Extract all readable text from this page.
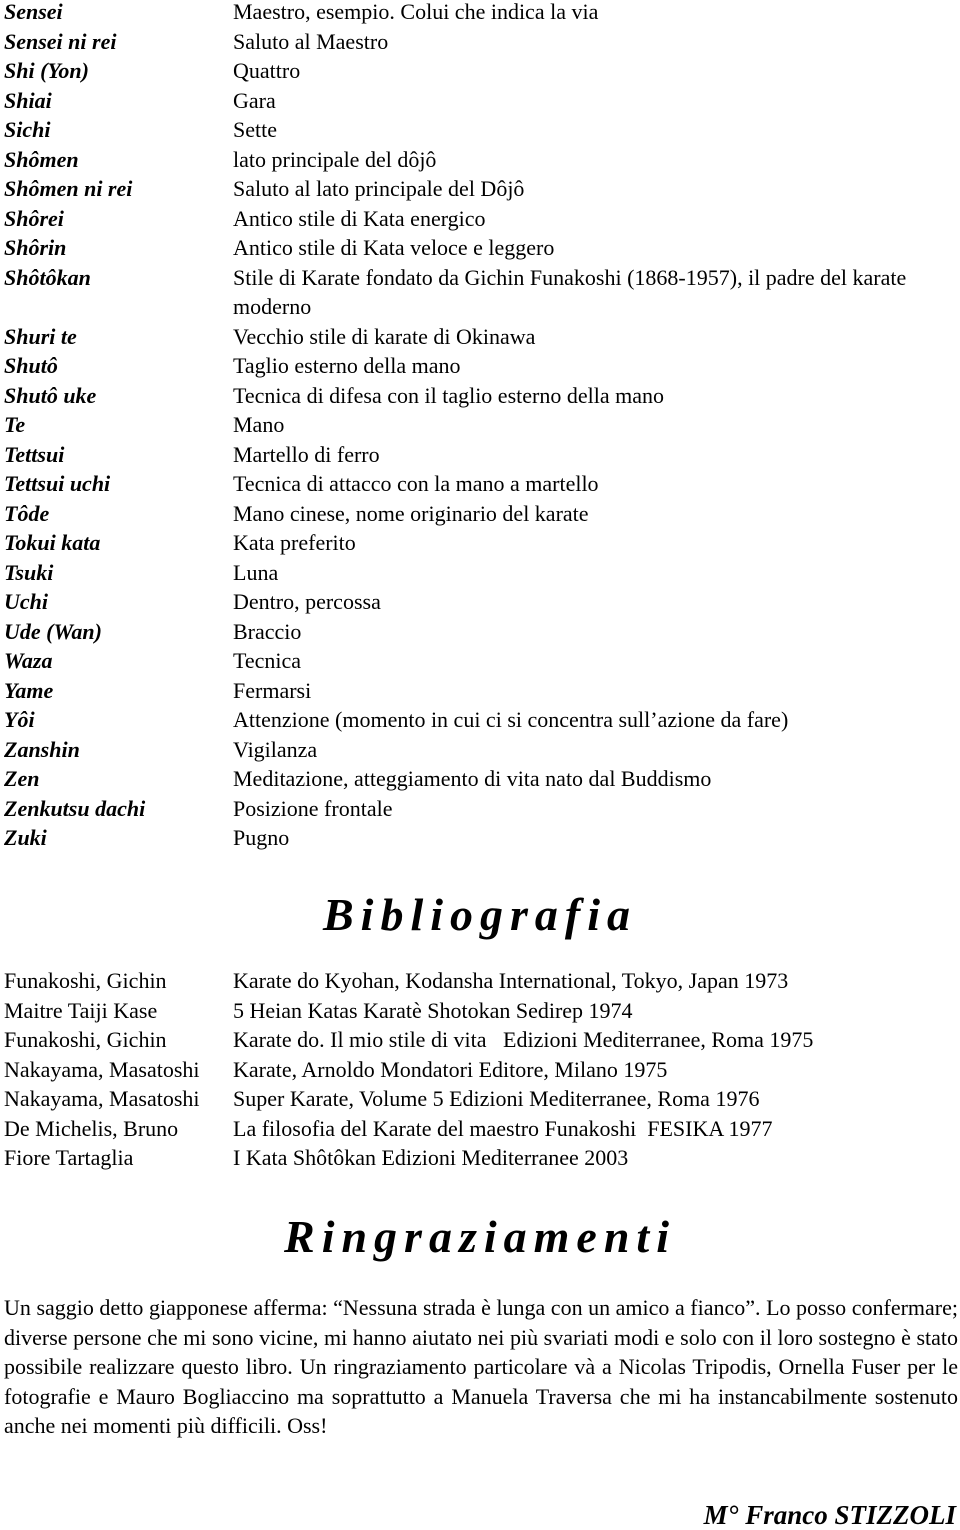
Sensei	Maestro, esempio. Colui che indica la via
Sensei ni rei	Saluto al Maestro
Shi (Yon)	Quattro
Shiai	Gara
Sichi	Sette
Shômen	lato principale del dôjô
Shômen ni rei	Saluto al lato principale del Dôjô
Shôrei	Antico stile di Kata energico
Shôrin	Antico stile di Kata veloce e leggero
Shôtôkan	Stile di Karate fondato da Gichin Funakoshi (1868-1957), il padre del karate  moderno
Shuri te	Vecchio stile di karate di Okinawa
Shutô	Taglio esterno della mano
Shutô uke	Tecnica di difesa con il taglio esterno della mano
Te	Mano
Tettsui	Martello di ferro
Tettsui uchi	Tecnica di attacco con la mano a martello
Tôde	Mano cinese, nome originario del karate
Tokui kata	Kata preferito
Tsuki	Luna
Uchi	Dentro, percossa
Ude (Wan)	Braccio
Waza	Tecnica
Yame	Fermarsi
Yôi	Attenzione (momento in cui ci si concentra sull’azione da fare)
Zanshin	Vigilanza
Zen	Meditazione, atteggiamento di vita nato dal Buddismo
Zenkutsu dachi	Posizione frontale
Zuki	Pugno
Bibliografia
Funakoshi, Gichin	Karate do Kyohan, Kodansha International, Tokyo, Japan 1973
Maitre Taiji Kase	5 Heian Katas Karatè Shotokan Sedirep 1974
Funakoshi, Gichin	Karate do. Il mio stile di vita   Edizioni Mediterranee, Roma 1975
Nakayama, Masatoshi	Karate, Arnoldo Mondatori Editore, Milano 1975
Nakayama, Masatoshi	Super Karate, Volume 5 Edizioni Mediterranee, Roma 1976
De Michelis, Bruno	La filosofia del Karate del maestro Funakoshi  FESIKA 1977
Fiore Tartaglia	I Kata Shôtôkan Edizioni Mediterranee 2003
Ringraziamenti
Un saggio detto giapponese afferma: “Nessuna strada è lunga con un amico a fianco”. Lo posso confermare; diverse persone che mi sono vicine, mi hanno aiutato nei più svariati modi e solo con il loro sostegno è stato possibile realizzare questo libro. Un ringraziamento particolare và a Nicolas Tripodis, Ornella Fuser per le fotografie e Mauro Bogliaccino ma soprattutto a Manuela Traversa che mi ha instancabilmente sostenuto anche nei momenti più difficili. Oss!
M° Franco STIZZOLI
